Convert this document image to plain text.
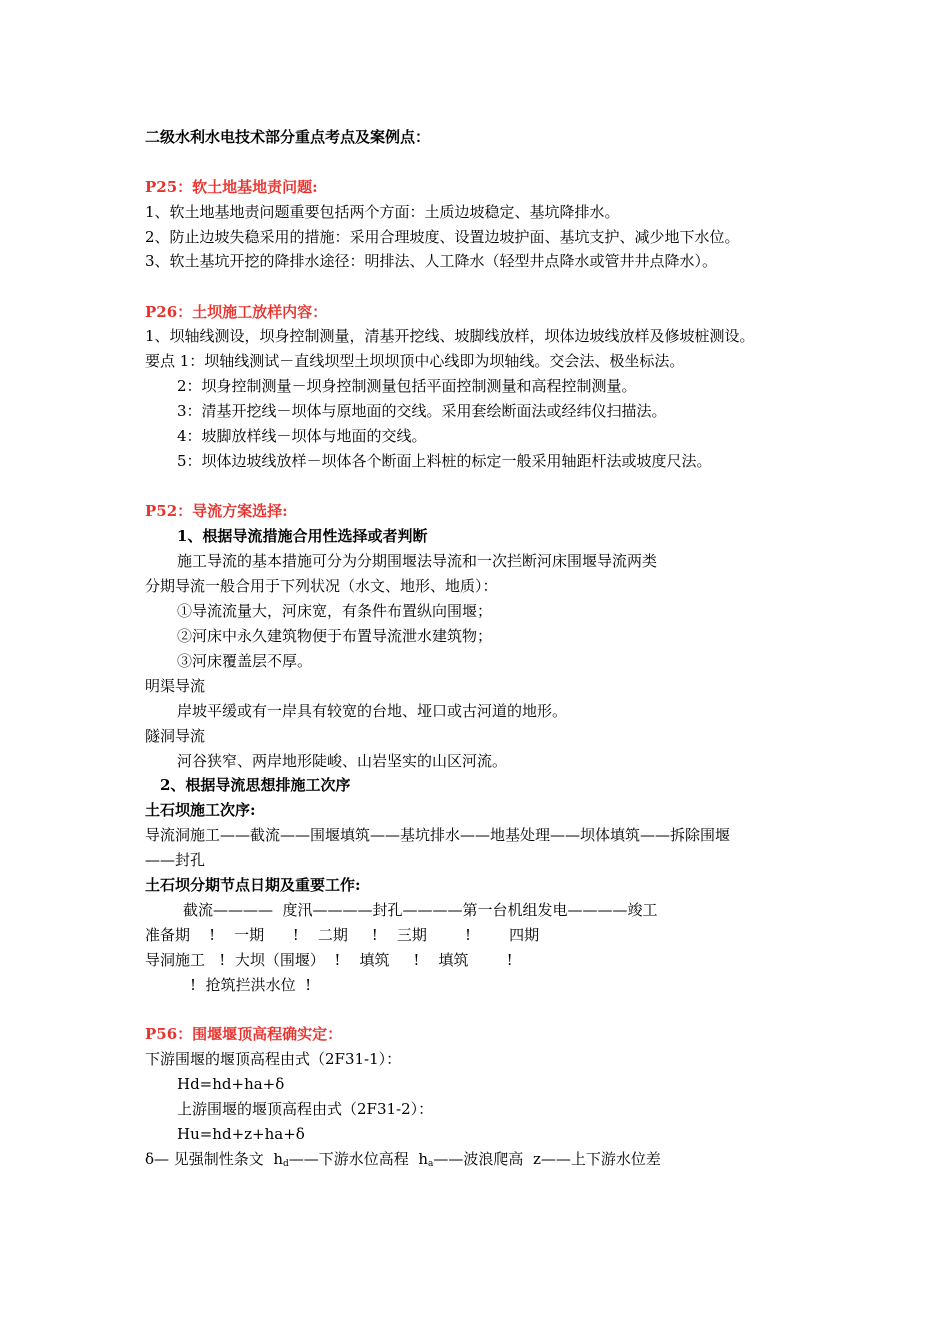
二级水利水电技术部分重点考点及案例点：
P25：软土地基地责问题:
1、软土地基地责问题重要包括两个方面：土质边坡稳定、基坑降排水。
2、防止边坡失稳采用的措施：采用合理坡度、设置边坡护面、基坑支护、减少地下水位。
3、软土基坑开挖的降排水途径：明排法、人工降水（轻型井点降水或管井井点降水）。
P26：土坝施工放样内容：
1、坝轴线测设，坝身控制测量，清基开挖线、坡脚线放样，坝体边坡线放样及修坡桩测设。
要点 1：坝轴线测试－直线坝型土坝坝顶中心线即为坝轴线。交会法、极坐标法。
2：坝身控制测量－坝身控制测量包括平面控制测量和高程控制测量。
3：清基开挖线－坝体与原地面的交线。采用套绘断面法或经纬仪扫描法。
4：坡脚放样线－坝体与地面的交线。
5：坝体边坡线放样－坝体各个断面上料桩的标定一般采用轴距杆法或坡度尺法。
P52：导流方案选择:
1、根据导流措施合用性选择或者判断
施工导流的基本措施可分为分期围堰法导流和一次拦断河床围堰导流两类
分期导流一般合用于下列状况（水文、地形、地质）：
①导流流量大，河床宽，有条件布置纵向围堰；
②河床中永久建筑物便于布置导流泄水建筑物；
③河床覆盖层不厚。
明渠导流
岸坡平缓或有一岸具有较宽的台地、垭口或古河道的地形。
隧洞导流
河谷狭窄、两岸地形陡峻、山岩坚实的山区河流。
2、根据导流思想排施工次序
土石坝施工次序:
导流洞施工——截流——围堰填筑——基坑排水——地基处理——坝体填筑——拆除围堰
——封孔
土石坝分期节点日期及重要工作:
截流————  度汛————封孔————第一台机组发电————竣工
准备期    !    一期      !    二期     !    三期        !        四期
导洞施工   !  大坝（围堰）  !    填筑     !    填筑        !
!  抢筑拦洪水位  !
P56：围堰堰顶高程确实定：
下游围堰的堰顶高程由式（2F31-1）：
Hd=hd+ha+δ
上游围堰的堰顶高程由式（2F31-2）：
Hu=hd+z+ha+δ
δ— 见强制性条文 $h_d——$下游水位高程 $h_a——$波浪爬高 z——上下游水位差
